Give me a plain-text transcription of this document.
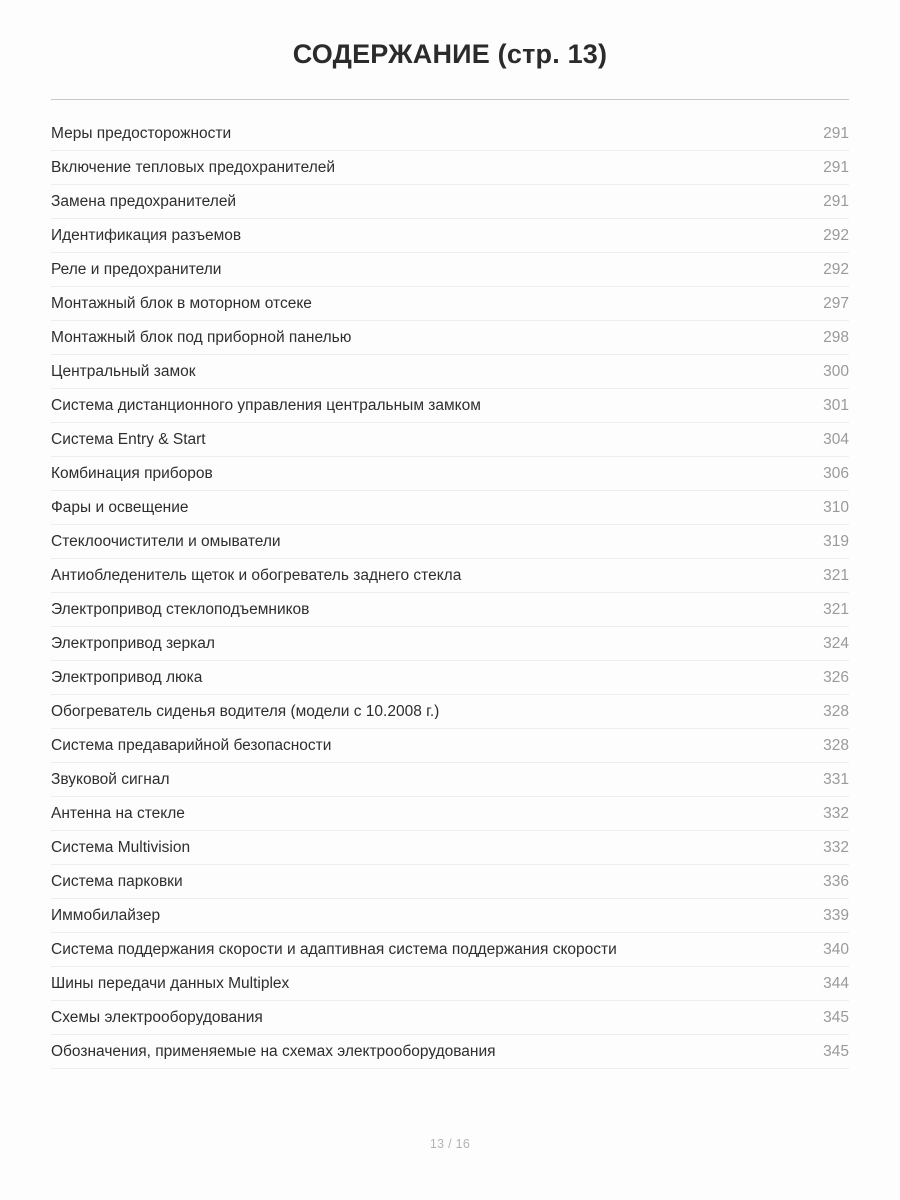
СОДЕРЖАНИЕ (стр. 13)
Меры предосторожности	291
Включение тепловых предохранителей	291
Замена предохранителей	291
Идентификация разъемов	292
Реле и предохранители	292
Монтажный блок в моторном отсеке	297
Монтажный блок под приборной панелью	298
Центральный замок	300
Система дистанционного управления центральным замком	301
Система Entry & Start	304
Комбинация приборов	306
Фары и освещение	310
Стеклоочистители и омыватели	319
Антиобледенитель щеток и обогреватель заднего стекла	321
Электропривод стеклоподъемников	321
Электропривод зеркал	324
Электропривод люка	326
Обогреватель сиденья водителя (модели с 10.2008 г.)	328
Система предаварийной безопасности	328
Звуковой сигнал	331
Антенна на стекле	332
Система Multivision	332
Система парковки	336
Иммобилайзер	339
Система поддержания скорости и адаптивная система поддержания скорости	340
Шины передачи данных Multiplex	344
Схемы электрооборудования	345
Обозначения, применяемые на схемах электрооборудования	345
13 / 16
